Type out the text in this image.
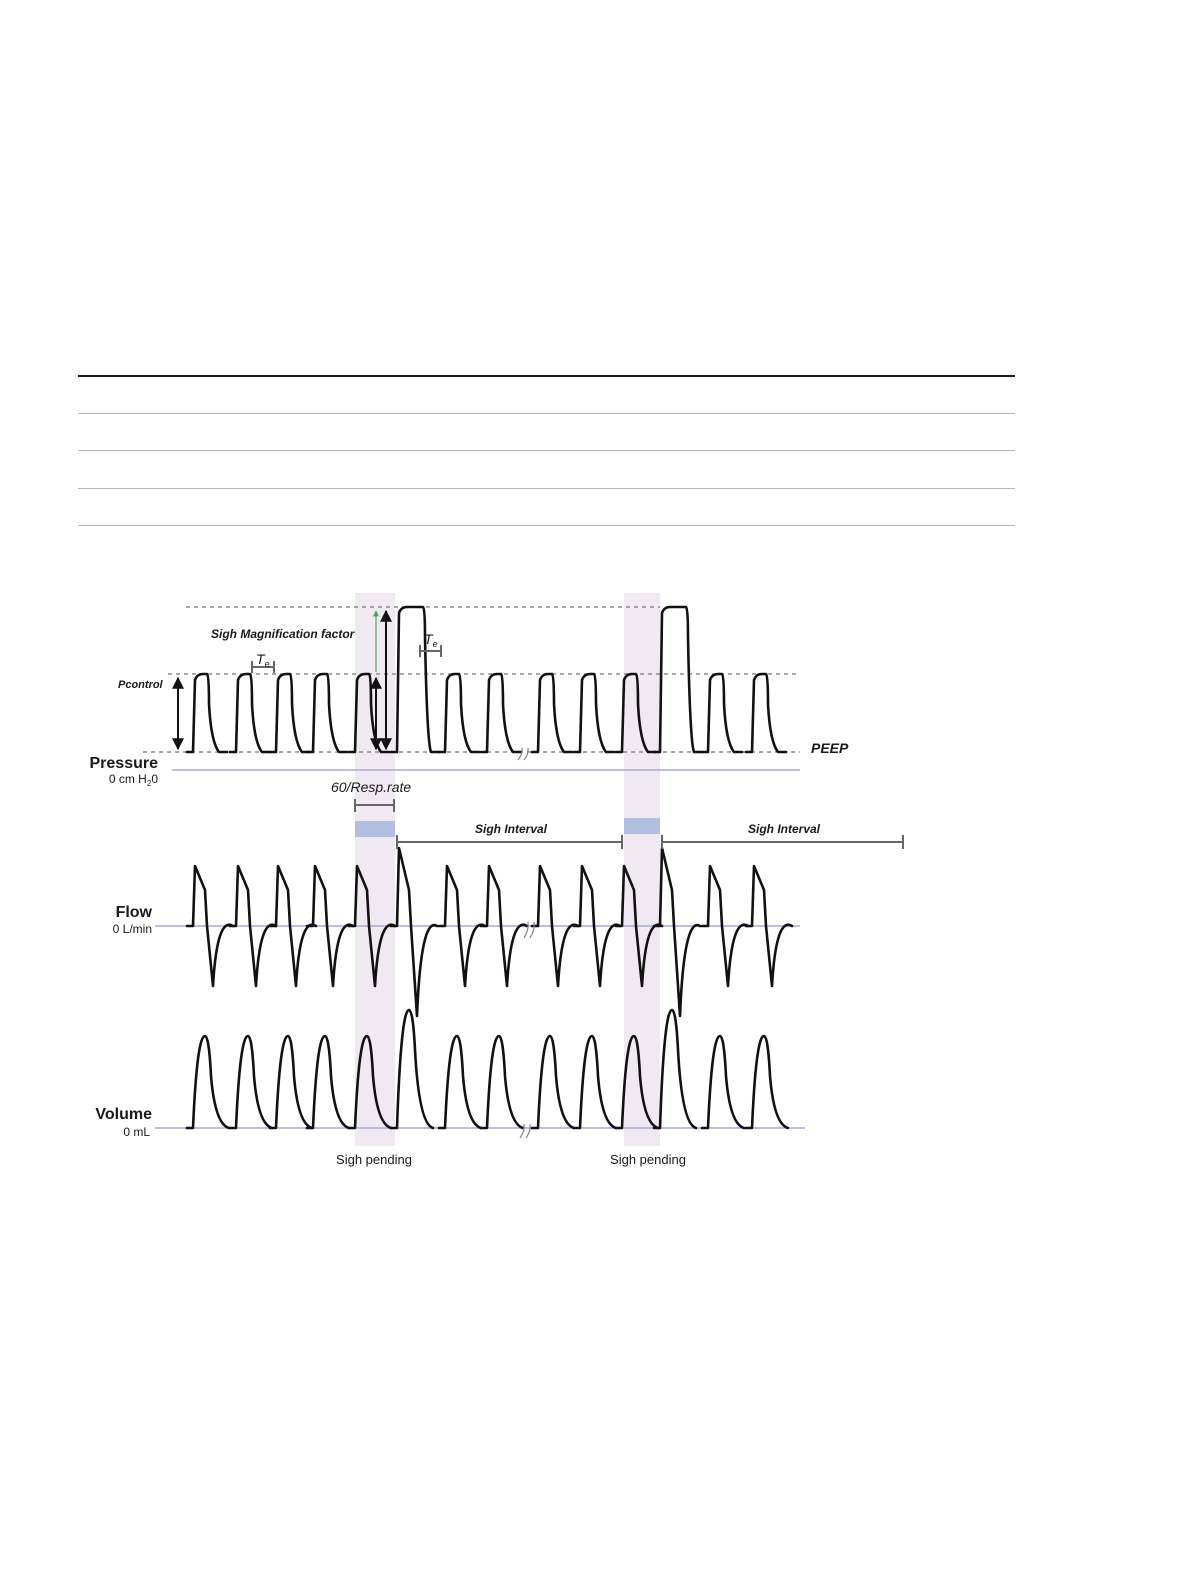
Sigh Magnification factor
Pcontrol
$T_e$
$T_e$
PEEP
Pressure
0 cm $H_20$	60/Resp.rate
Sigh Interval	Sigh Interval
Flow
0 L/min
Volume
0 mL
Sigh pending	Sigh pending
